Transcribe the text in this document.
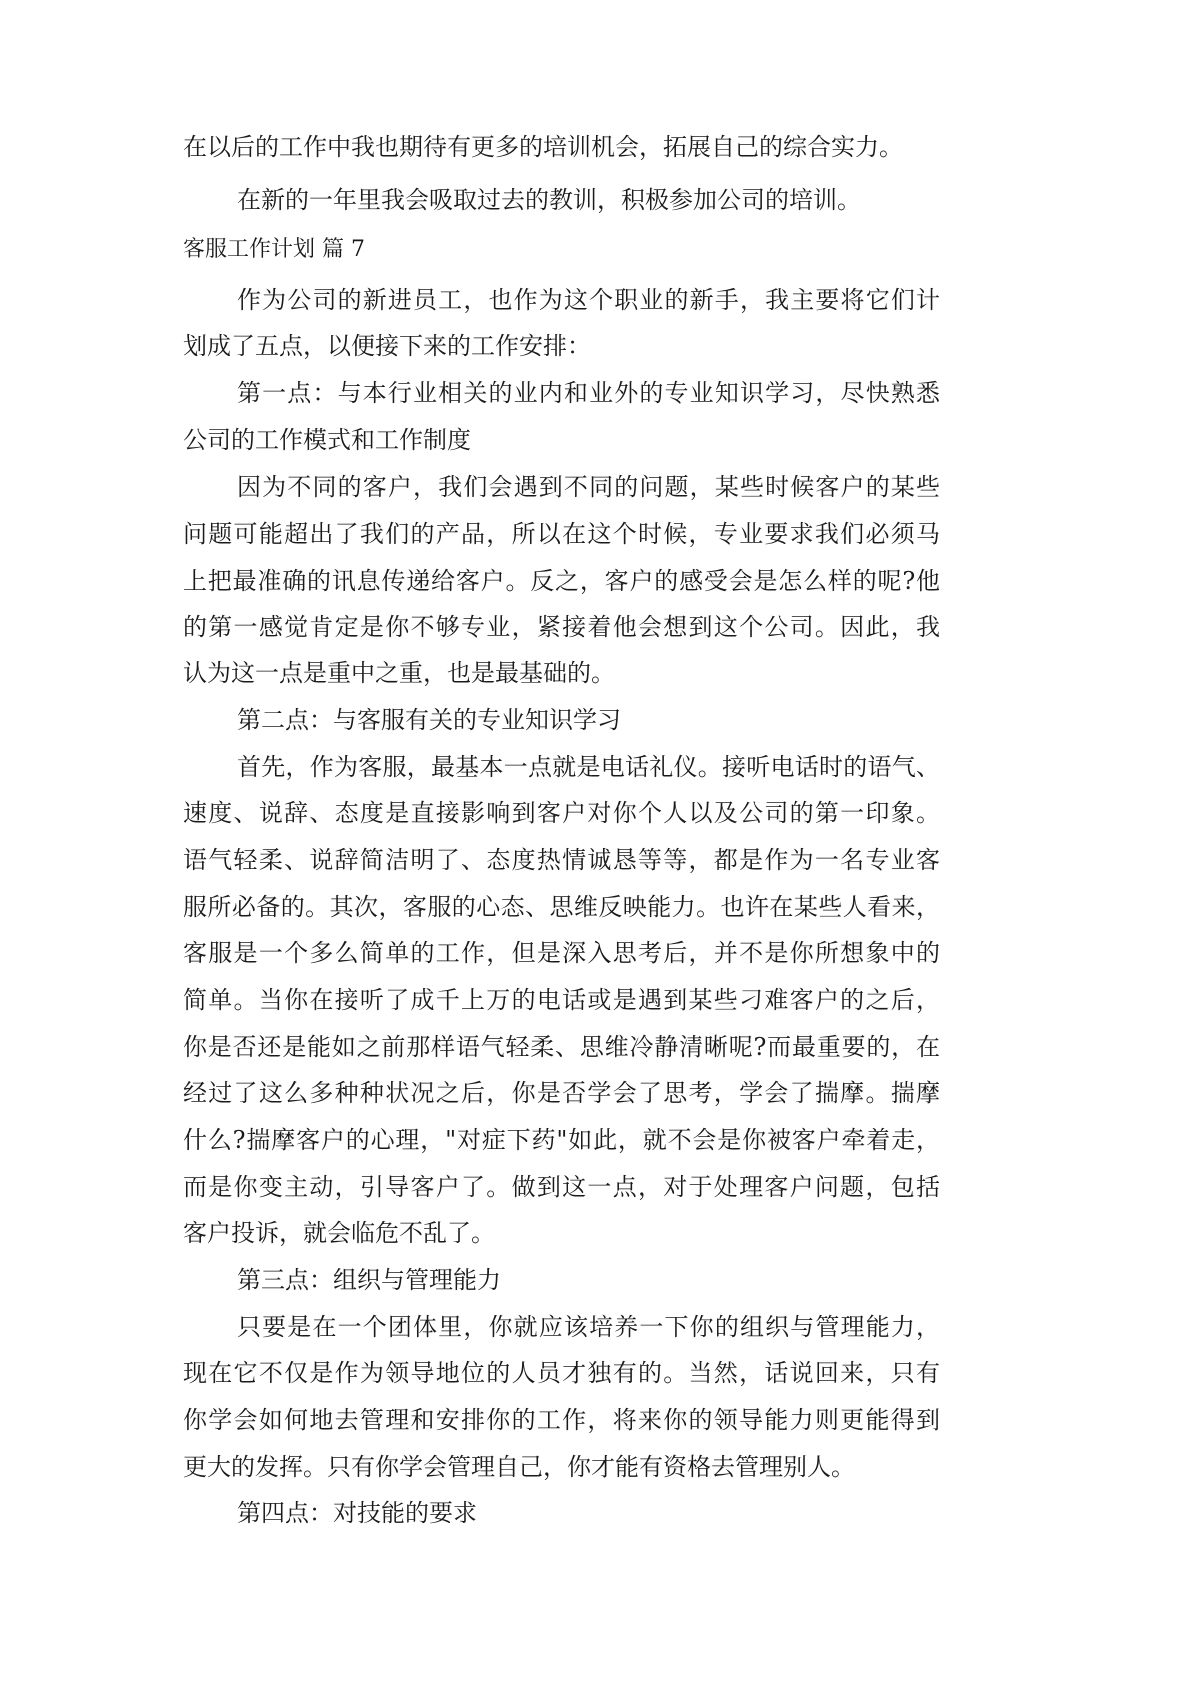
在以后的工作中我也期待有更多的培训机会，拓展自己的综合实力。
在新的一年里我会吸取过去的教训，积极参加公司的培训。
客服工作计划 篇 7
作为公司的新进员工，也作为这个职业的新手，我主要将它们计
划成了五点，以便接下来的工作安排：
第一点：与本行业相关的业内和业外的专业知识学习，尽快熟悉
公司的工作模式和工作制度
因为不同的客户，我们会遇到不同的问题，某些时候客户的某些
问题可能超出了我们的产品，所以在这个时候，专业要求我们必须马
上把最准确的讯息传递给客户。反之，客户的感受会是怎么样的呢?他
的第一感觉肯定是你不够专业，紧接着他会想到这个公司。因此，我
认为这一点是重中之重，也是最基础的。
第二点：与客服有关的专业知识学习
首先，作为客服，最基本一点就是电话礼仪。接听电话时的语气、
速度、说辞、态度是直接影响到客户对你个人以及公司的第一印象。
语气轻柔、说辞简洁明了、态度热情诚恳等等，都是作为一名专业客
服所必备的。其次，客服的心态、思维反映能力。也许在某些人看来，
客服是一个多么简单的工作，但是深入思考后，并不是你所想象中的
简单。当你在接听了成千上万的电话或是遇到某些刁难客户的之后，
你是否还是能如之前那样语气轻柔、思维冷静清晰呢?而最重要的，在
经过了这么多种种状况之后，你是否学会了思考，学会了揣摩。揣摩
什么?揣摩客户的心理，"对症下药"如此，就不会是你被客户牵着走，
而是你变主动，引导客户了。做到这一点，对于处理客户问题，包括
客户投诉，就会临危不乱了。
第三点：组织与管理能力
只要是在一个团体里，你就应该培养一下你的组织与管理能力，
现在它不仅是作为领导地位的人员才独有的。当然，话说回来，只有
你学会如何地去管理和安排你的工作，将来你的领导能力则更能得到
更大的发挥。只有你学会管理自己，你才能有资格去管理别人。
第四点：对技能的要求
